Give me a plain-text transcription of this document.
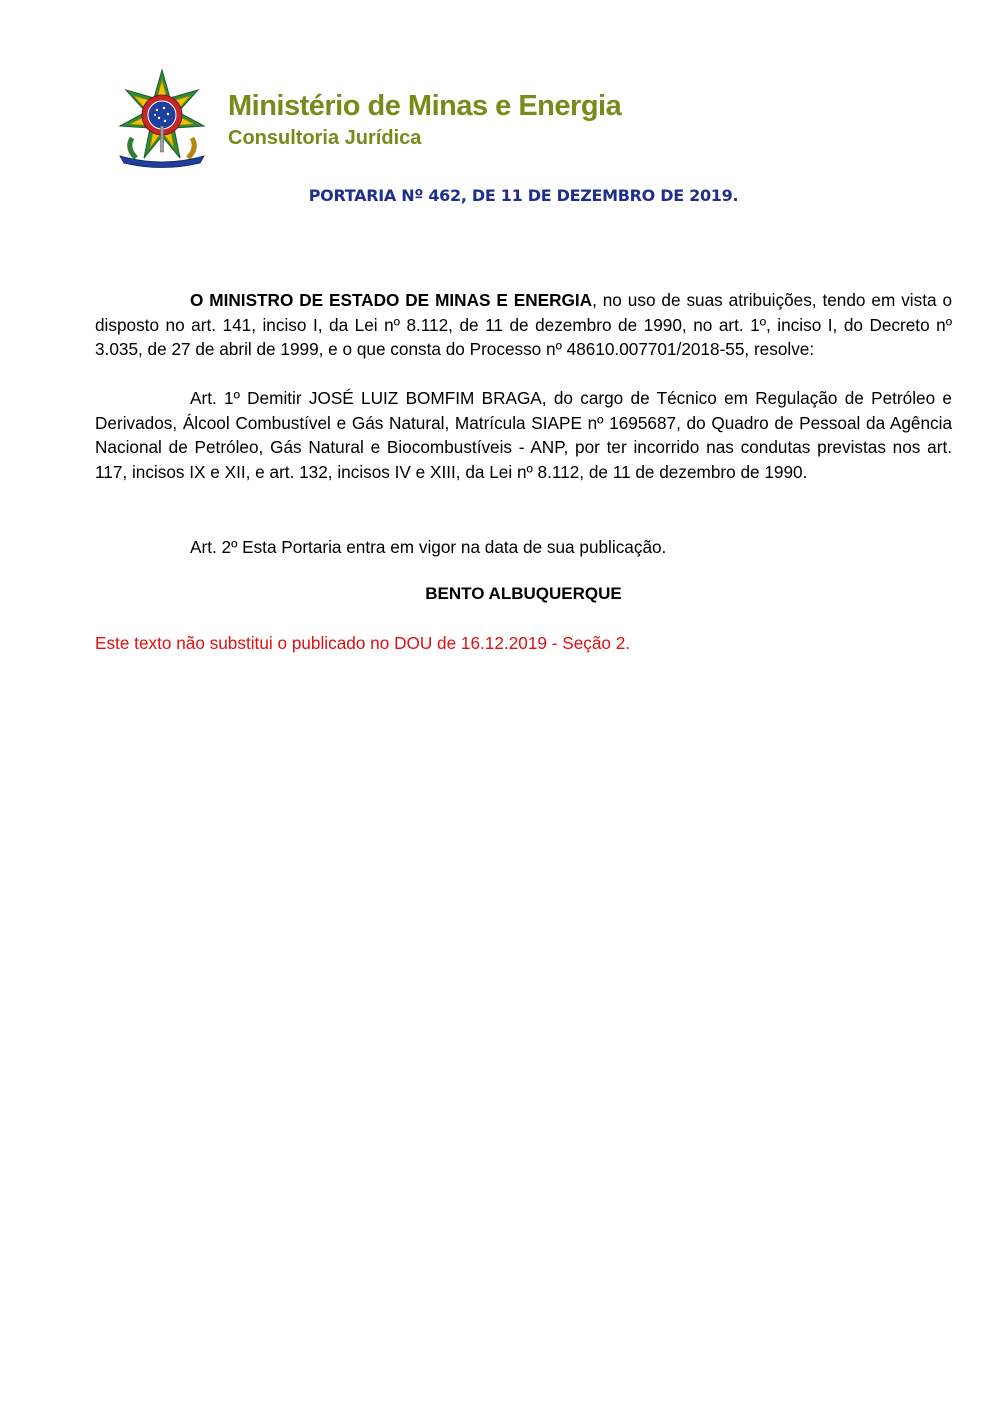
Ministério de Minas e Energia
Consultoria Jurídica
PORTARIA Nº 462, DE 11 DE DEZEMBRO DE 2019.
O MINISTRO DE ESTADO DE MINAS E ENERGIA, no uso de suas atribuições, tendo em vista o disposto no art. 141, inciso I, da Lei nº 8.112, de 11 de dezembro de 1990, no art. 1º, inciso I, do Decreto nº 3.035, de 27 de abril de 1999, e o que consta do Processo nº 48610.007701/2018-55, resolve:
Art. 1º Demitir JOSÉ LUIZ BOMFIM BRAGA, do cargo de Técnico em Regulação de Petróleo e Derivados, Álcool Combustível e Gás Natural, Matrícula SIAPE nº 1695687, do Quadro de Pessoal da Agência Nacional de Petróleo, Gás Natural e Biocombustíveis - ANP, por ter incorrido nas condutas previstas nos art. 117, incisos IX e XII, e art. 132, incisos IV e XIII, da Lei nº 8.112, de 11 de dezembro de 1990.
Art. 2º Esta Portaria entra em vigor na data de sua publicação.
BENTO ALBUQUERQUE
Este texto não substitui o publicado no DOU de 16.12.2019 - Seção 2.
